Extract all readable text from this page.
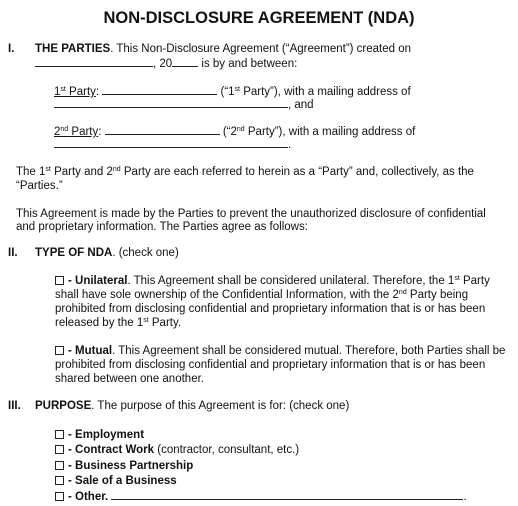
NON-DISCLOSURE AGREEMENT (NDA)
I. THE PARTIES. This Non-Disclosure Agreement (“Agreement”) created on
, 20 is by and between:
1st Party:	(“1st Party”), with a mailing address of
, and
2nd Party:	(“2nd Party”), with a mailing address of
.
The 1st Party and 2nd Party are each referred to herein as a “Party” and, collectively, as the
“Parties.”
This Agreement is made by the Parties to prevent the unauthorized disclosure of confidential
and proprietary information. The Parties agree as follows:
II. TYPE OF NDA. (check one)
- Unilateral. This Agreement shall be considered unilateral. Therefore, the 1st Party
shall have sole ownership of the Confidential Information, with the 2nd Party being
prohibited from disclosing confidential and proprietary information that is or has been
released by the 1st Party.
- Mutual. This Agreement shall be considered mutual. Therefore, both Parties shall be
prohibited from disclosing confidential and proprietary information that is or has been
shared between one another.
III. PURPOSE. The purpose of this Agreement is for: (check one)
- Employment
- Contract Work (contractor, consultant, etc.)
- Business Partnership
- Sale of a Business
- Other.	.
